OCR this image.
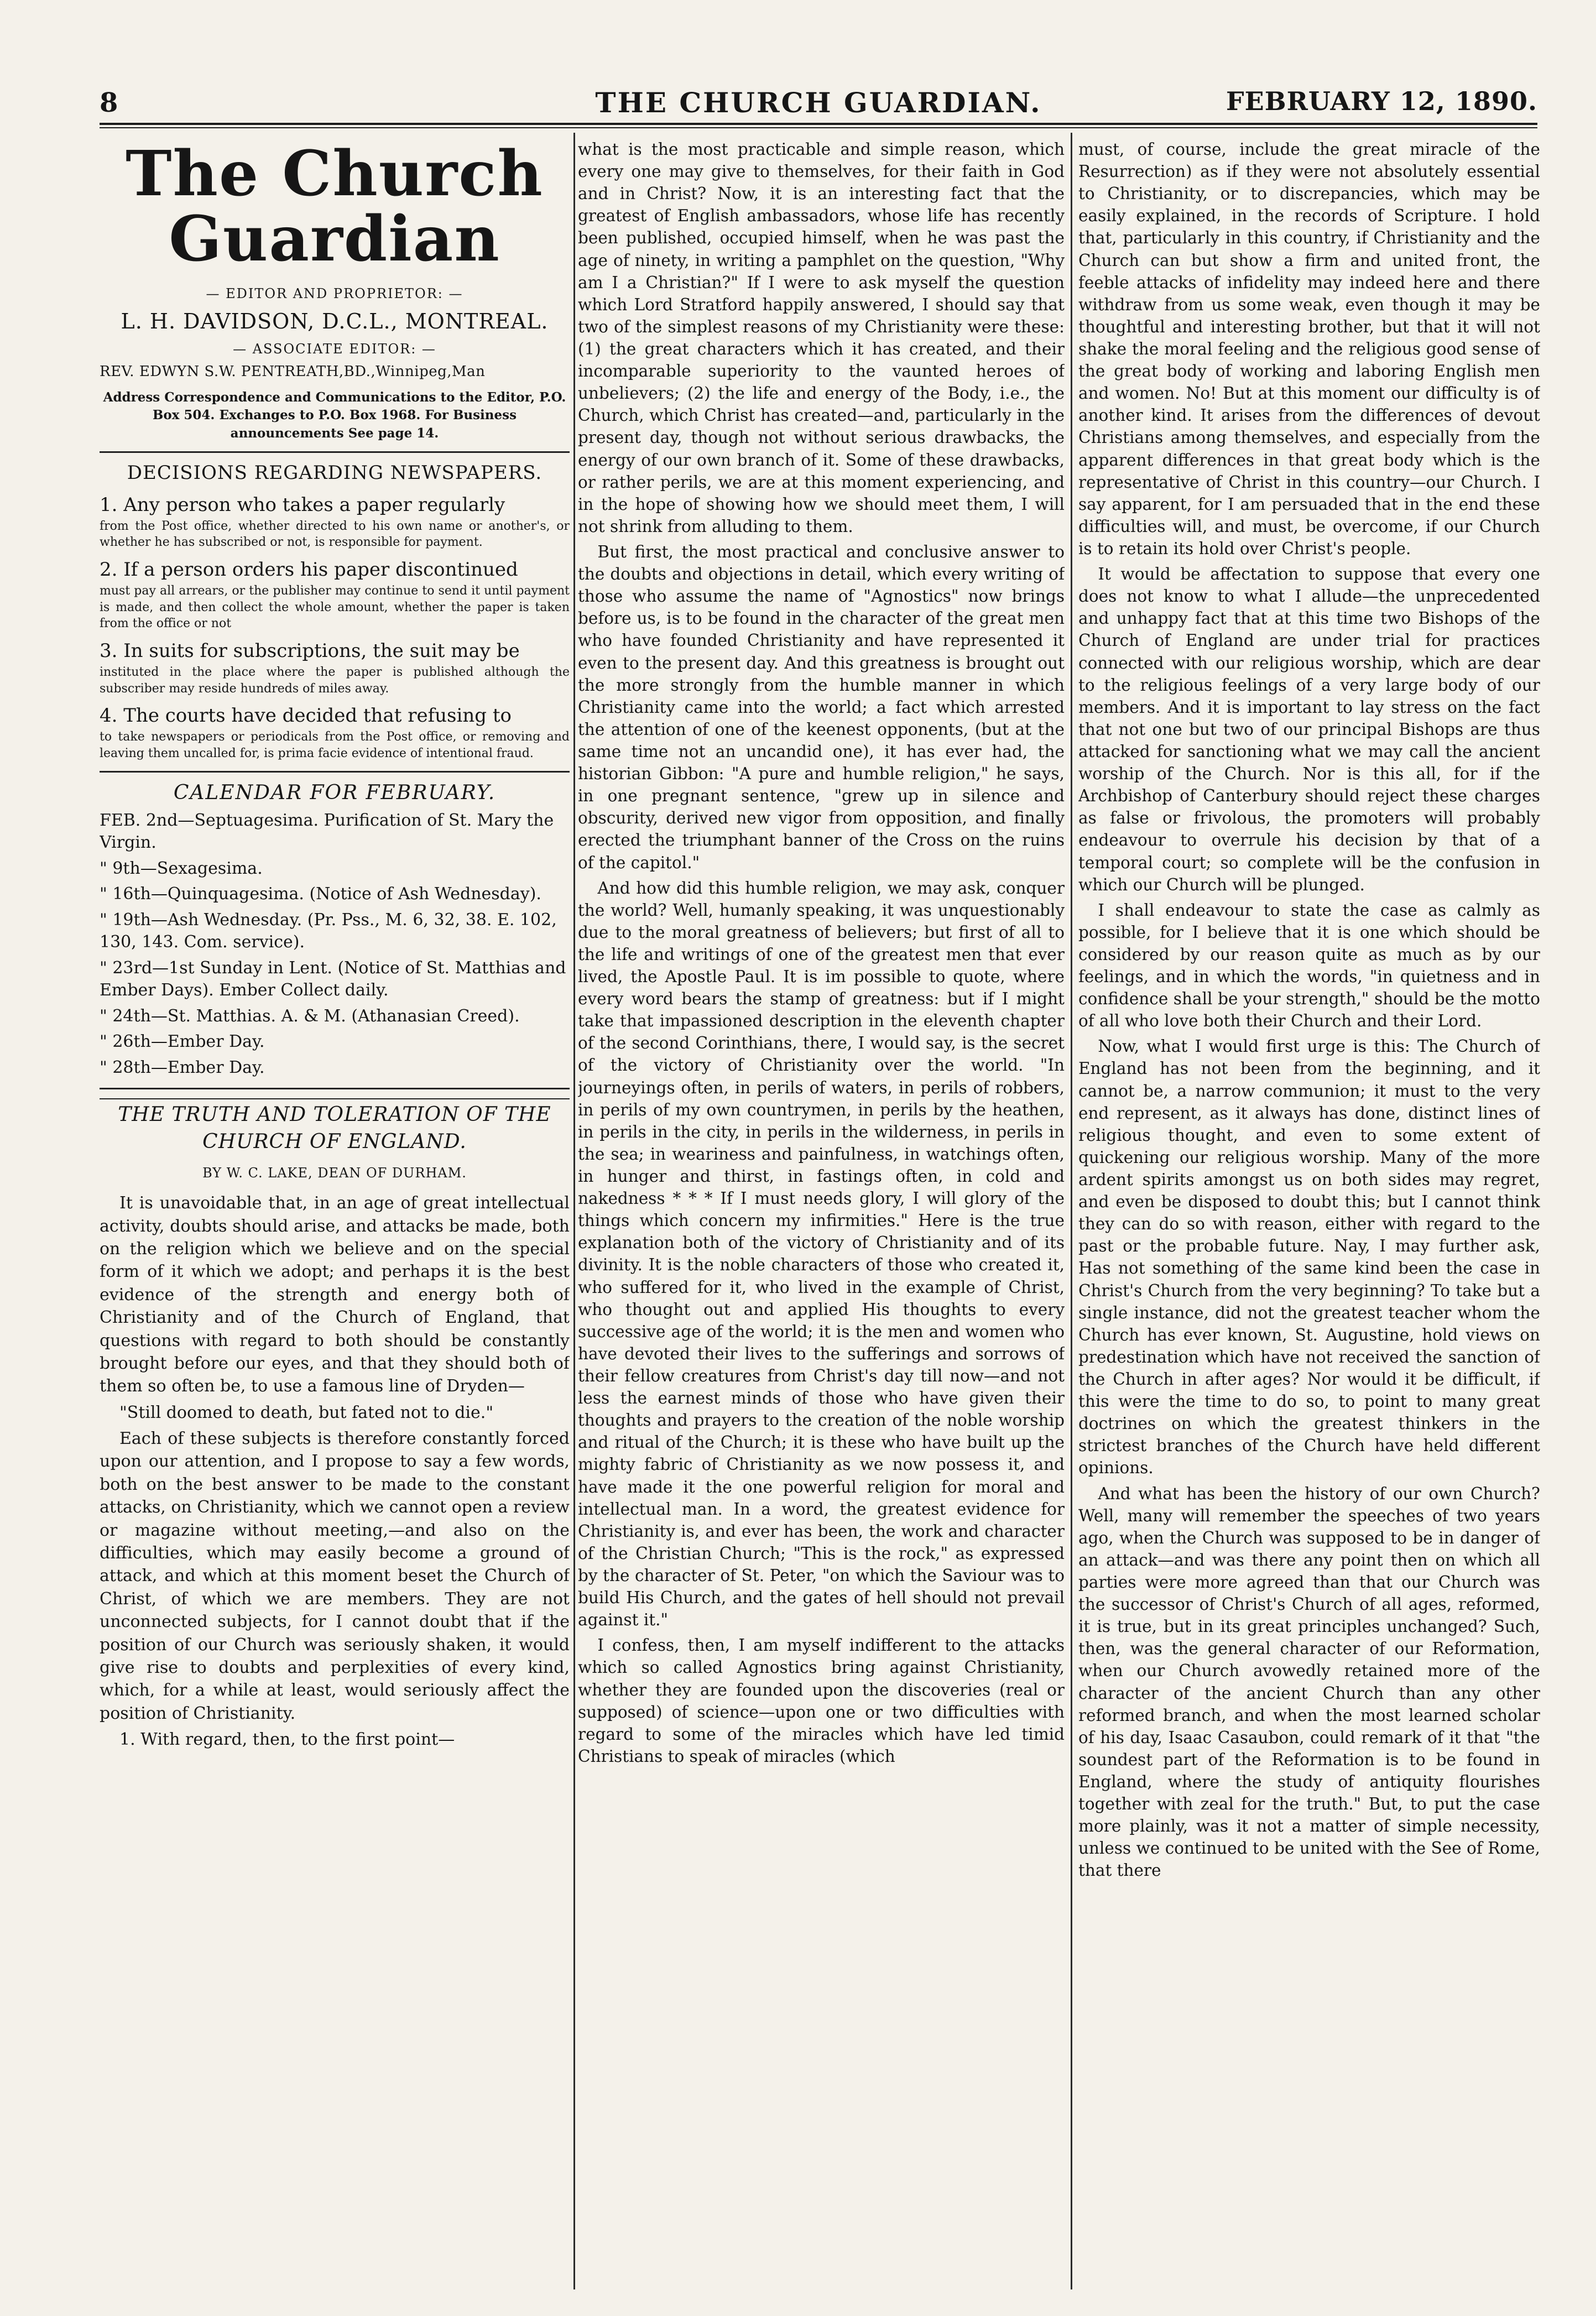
8	THE CHURCH GUARDIAN.	FEBRUARY 12, 1890.
The Church Guardian
— EDITOR AND PROPRIETOR: —
L. H. DAVIDSON, D.C.L., MONTREAL.
— ASSOCIATE EDITOR: —
REV. EDWYN S.W. PENTREATH,BD.,Winnipeg,Man
Address Correspondence and Communications to the Editor, P.O. Box 504. Exchanges to P.O. Box 1968. For Business announcements See page 14.
DECISIONS REGARDING NEWSPAPERS.
1. Any person who takes a paper regularly
from the Post office, whether directed to his own name or another's, or whether he has subscribed or not, is responsible for payment.
2. If a person orders his paper discontinued
must pay all arrears, or the publisher may continue to send it until payment is made, and then collect the whole amount, whether the paper is taken from the office or not
3. In suits for subscriptions, the suit may be
instituted in the place where the paper is published although the subscriber may reside hundreds of miles away.
4. The courts have decided that refusing to
to take newspapers or periodicals from the Post office, or removing and leaving them uncalled for, is prima facie evidence of intentional fraud.
CALENDAR FOR FEBRUARY.
FEB. 2nd—Septuagesima. Purification of St. Mary the Virgin.
" 9th—Sexagesima.
" 16th—Quinquagesima. (Notice of Ash Wednesday).
" 19th—Ash Wednesday. (Pr. Pss., M. 6, 32, 38. E. 102, 130, 143. Com. service).
" 23rd—1st Sunday in Lent. (Notice of St. Matthias and Ember Days). Ember Collect daily.
" 24th—St. Matthias. A. & M. (Athanasian Creed).
" 26th—Ember Day.
" 28th—Ember Day.
THE TRUTH AND TOLERATION OF THE CHURCH OF ENGLAND.
BY W. C. LAKE, DEAN OF DURHAM.

It is unavoidable that, in an age of great intellectual activity, doubts should arise, and attacks be made, both on the religion which we believe and on the special form of it which we adopt; and perhaps it is the best evidence of the strength and energy both of Christianity and of the Church of England, that questions with regard to both should be constantly brought before our eyes, and that they should both of them so often be, to use a famous line of Dryden—

"Still doomed to death, but fated not to die."

Each of these subjects is therefore constantly forced upon our attention, and I propose to say a few words, both on the best answer to be made to the constant attacks, on Christianity, which we cannot open a review or magazine without meeting,—and also on the difficulties, which may easily become a ground of attack, and which at this moment beset the Church of Christ, of which we are members. They are not unconnected subjects, for I cannot doubt that if the position of our Church was seriously shaken, it would give rise to doubts and perplexities of every kind, which, for a while at least, would seriously affect the position of Christianity.

1. With regard, then, to the first point—

what is the most practicable and simple reason, which every one may give to themselves, for their faith in God and in Christ? Now, it is an interesting fact that the greatest of English ambassadors, whose life has recently been published, occupied himself, when he was past the age of ninety, in writing a pamphlet on the question, "Why am I a Christian?" If I were to ask myself the question which Lord Stratford happily answered, I should say that two of the simplest reasons of my Christianity were these: (1) the great characters which it has created, and their incomparable superiority to the vaunted heroes of unbelievers; (2) the life and energy of the Body, i.e., the Church, which Christ has created—and, particularly in the present day, though not without serious drawbacks, the energy of our own branch of it. Some of these drawbacks, or rather perils, we are at this moment experiencing, and in the hope of showing how we should meet them, I will not shrink from alluding to them.

But first, the most practical and conclusive answer to the doubts and objections in detail, which every writing of those who assume the name of "Agnostics" now brings before us, is to be found in the character of the great men who have founded Christianity and have represented it even to the present day. And this greatness is brought out the more strongly from the humble manner in which Christianity came into the world; a fact which arrested the attention of one of the keenest opponents, (but at the same time not an uncandid one), it has ever had, the historian Gibbon: "A pure and humble religion," he says, in one pregnant sentence, "grew up in silence and obscurity, derived new vigor from opposition, and finally erected the triumphant banner of the Cross on the ruins of the capitol."

And how did this humble religion, we may ask, conquer the world? Well, humanly speaking, it was unquestionably due to the moral greatness of believers; but first of all to the life and writings of one of the greatest men that ever lived, the Apostle Paul. It is im possible to quote, where every word bears the stamp of greatness: but if I might take that impassioned description in the eleventh chapter of the second Corinthians, there, I would say, is the secret of the victory of Christianity over the world. "In journeyings often, in perils of waters, in perils of robbers, in perils of my own countrymen, in perils by the heathen, in perils in the city, in perils in the wilderness, in perils in the sea; in weariness and painfulness, in watchings often, in hunger and thirst, in fastings often, in cold and nakedness * * * If I must needs glory, I will glory of the things which concern my infirmities." Here is the true explanation both of the victory of Christianity and of its divinity. It is the noble characters of those who created it, who suffered for it, who lived in the example of Christ, who thought out and applied His thoughts to every successive age of the world; it is the men and women who have devoted their lives to the sufferings and sorrows of their fellow creatures from Christ's day till now—and not less the earnest minds of those who have given their thoughts and prayers to the creation of the noble worship and ritual of the Church; it is these who have built up the mighty fabric of Christianity as we now possess it, and have made it the one powerful religion for moral and intellectual man. In a word, the greatest evidence for Christianity is, and ever has been, the work and character of the Christian Church; "This is the rock," as expressed by the character of St. Peter, "on which the Saviour was to build His Church, and the gates of hell should not prevail against it."

I confess, then, I am myself indifferent to the attacks which so called Agnostics bring against Christianity, whether they are founded upon the discoveries (real or supposed) of science—upon one or two difficulties with regard to some of the miracles which have led timid Christians to speak of miracles (which

must, of course, include the great miracle of the Resurrection) as if they were not absolutely essential to Christianity, or to discrepancies, which may be easily explained, in the records of Scripture. I hold that, particularly in this country, if Christianity and the Church can but show a firm and united front, the feeble attacks of infidelity may indeed here and there withdraw from us some weak, even though it may be thoughtful and interesting brother, but that it will not shake the moral feeling and the religious good sense of the great body of working and laboring English men and women. No! But at this moment our difficulty is of another kind. It arises from the differences of devout Christians among themselves, and especially from the apparent differences in that great body which is the representative of Christ in this country—our Church. I say apparent, for I am persuaded that in the end these difficulties will, and must, be overcome, if our Church is to retain its hold over Christ's people.

It would be affectation to suppose that every one does not know to what I allude—the unprecedented and unhappy fact that at this time two Bishops of the Church of England are under trial for practices connected with our religious worship, which are dear to the religious feelings of a very large body of our members. And it is important to lay stress on the fact that not one but two of our principal Bishops are thus attacked for sanctioning what we may call the ancient worship of the Church. Nor is this all, for if the Archbishop of Canterbury should reject these charges as false or frivolous, the promoters will probably endeavour to overrule his decision by that of a temporal court; so complete will be the confusion in which our Church will be plunged.

I shall endeavour to state the case as calmly as possible, for I believe that it is one which should be considered by our reason quite as much as by our feelings, and in which the words, "in quietness and in confidence shall be your strength," should be the motto of all who love both their Church and their Lord.

Now, what I would first urge is this: The Church of England has not been from the beginning, and it cannot be, a narrow communion; it must to the very end represent, as it always has done, distinct lines of religious thought, and even to some extent of quickening our religious worship. Many of the more ardent spirits amongst us on both sides may regret, and even be disposed to doubt this; but I cannot think they can do so with reason, either with regard to the past or the probable future. Nay, I may further ask, Has not something of the same kind been the case in Christ's Church from the very beginning? To take but a single instance, did not the greatest teacher whom the Church has ever known, St. Augustine, hold views on predestination which have not received the sanction of the Church in after ages? Nor would it be difficult, if this were the time to do so, to point to many great doctrines on which the greatest thinkers in the strictest branches of the Church have held different opinions.

And what has been the history of our own Church? Well, many will remember the speeches of two years ago, when the Church was supposed to be in danger of an attack—and was there any point then on which all parties were more agreed than that our Church was the successor of Christ's Church of all ages, reformed, it is true, but in its great principles unchanged? Such, then, was the general character of our Reformation, when our Church avowedly retained more of the character of the ancient Church than any other reformed branch, and when the most learned scholar of his day, Isaac Casaubon, could remark of it that "the soundest part of the Reformation is to be found in England, where the study of antiquity flourishes together with zeal for the truth." But, to put the case more plainly, was it not a matter of simple necessity, unless we continued to be united with the See of Rome, that there
